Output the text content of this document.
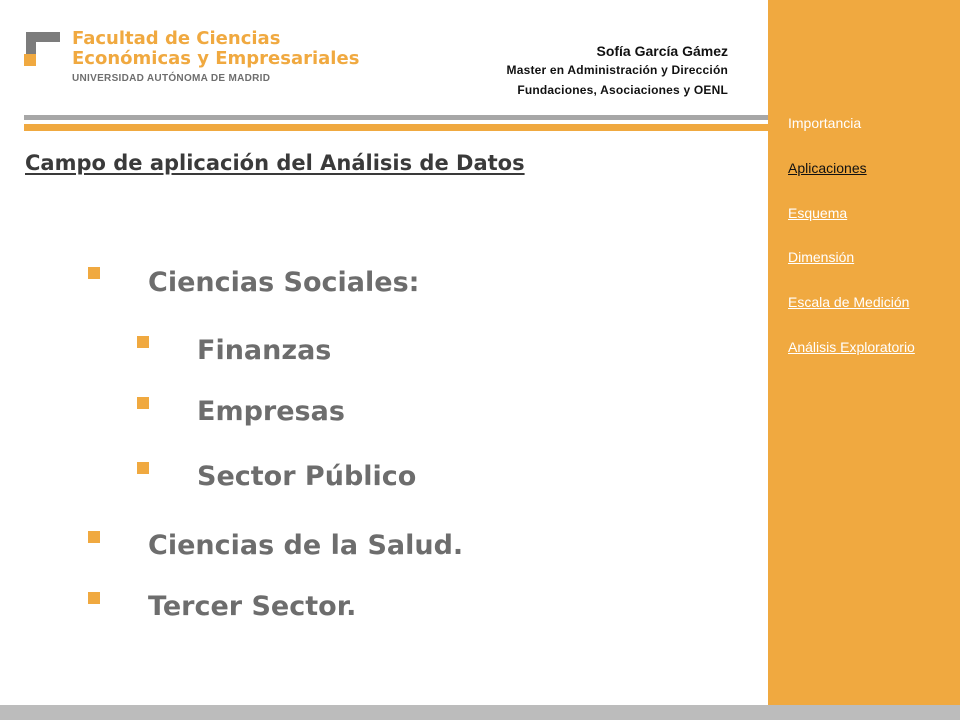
Facultad de Ciencias
Económicas y Empresariales
UNIVERSIDAD AUTÓNOMA DE MADRID
Sofía García Gámez
Master en Administración y Dirección
Fundaciones, Asociaciones y OENL
Campo de aplicación del Análisis de Datos
Ciencias Sociales:
Finanzas
Empresas
Sector Público
Ciencias de la Salud.
Tercer Sector.
Importancia
Aplicaciones
Esquema
Dimensión
Escala de Medición
Análisis Exploratorio
